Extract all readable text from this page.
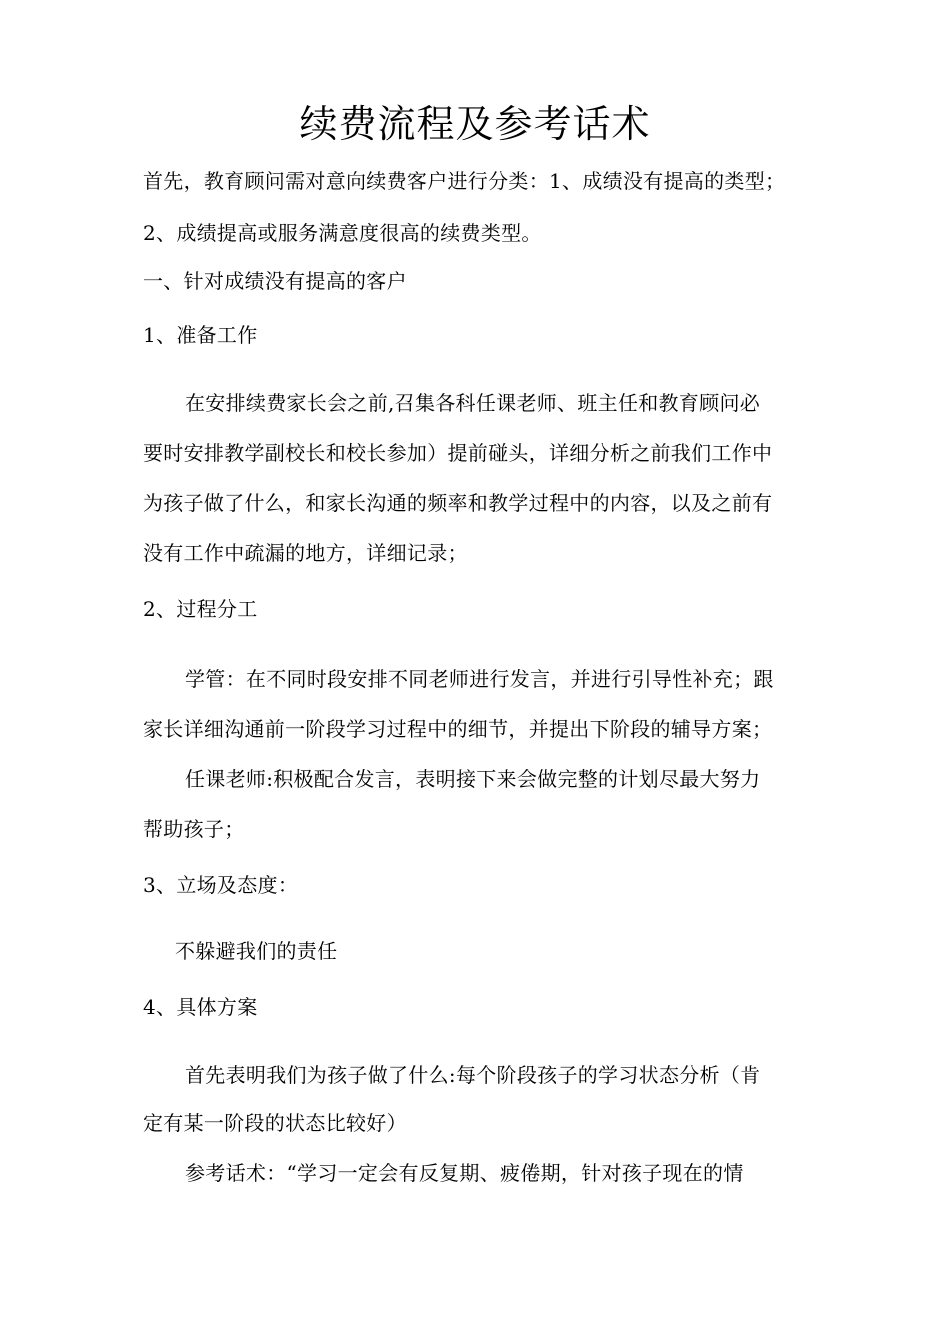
续费流程及参考话术
首先，教育顾问需对意向续费客户进行分类：1、成绩没有提高的类型；
2、成绩提高或服务满意度很高的续费类型。
一、针对成绩没有提高的客户
1、准备工作
在安排续费家长会之前,召集各科任课老师、班主任和教育顾问必
要时安排教学副校长和校长参加）提前碰头，详细分析之前我们工作中
为孩子做了什么，和家长沟通的频率和教学过程中的内容，以及之前有
没有工作中疏漏的地方，详细记录；
2、过程分工
学管：在不同时段安排不同老师进行发言，并进行引导性补充；跟
家长详细沟通前一阶段学习过程中的细节，并提出下阶段的辅导方案；
任课老师:积极配合发言，表明接下来会做完整的计划尽最大努力
帮助孩子；
3、立场及态度：
不躲避我们的责任
4、具体方案
首先表明我们为孩子做了什么:每个阶段孩子的学习状态分析（肯
定有某一阶段的状态比较好）
参考话术：“学习一定会有反复期、疲倦期，针对孩子现在的情
